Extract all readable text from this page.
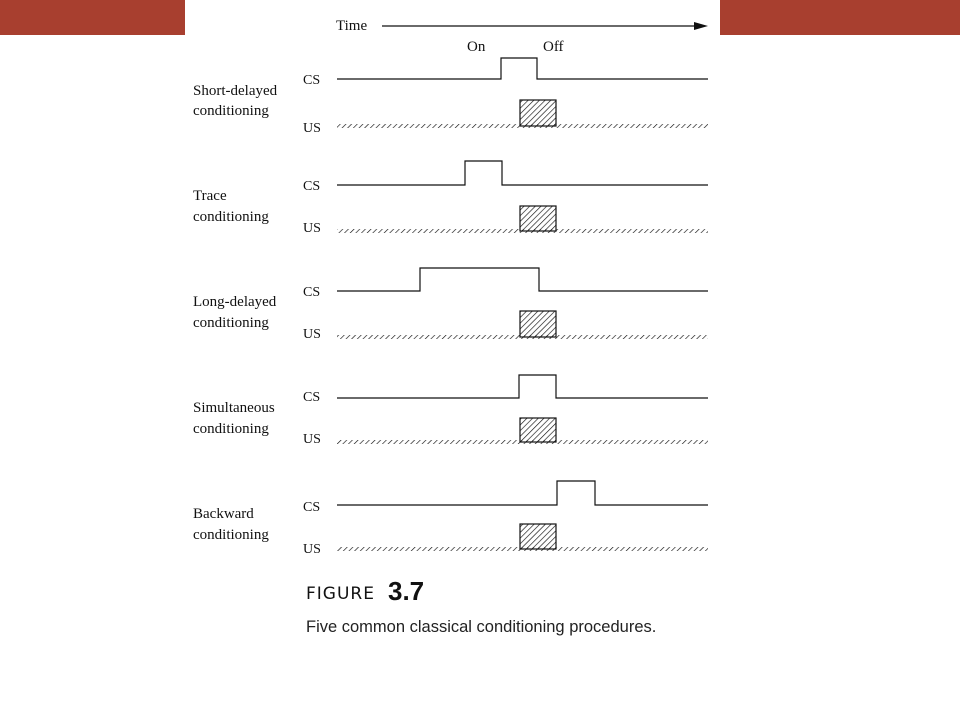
Time
On	Off
Short-delayed
conditioning
CS
US
Trace
conditioning
CS
US
Long-delayed
conditioning
CS
US
Simultaneous
conditioning
CS
US
Backward
conditioning
CS
US
FIGURE 3.7
Five common classical conditioning procedures.
